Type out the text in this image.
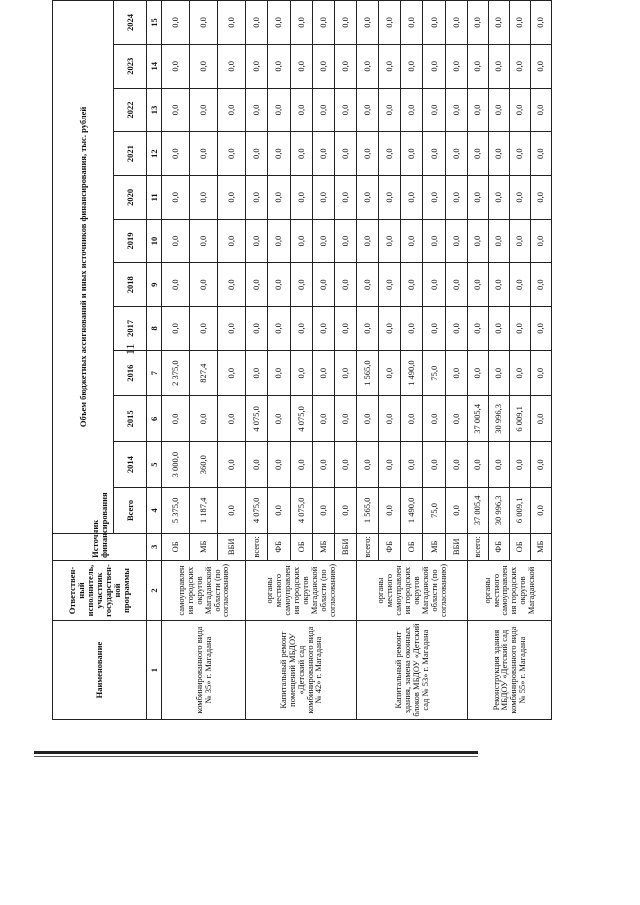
11
Наименование	Ответствен-ный исполнитель, участник государствен-ной программы	Источник финансирования	Объем бюджетных ассигнований и иных источников финансирования, тыс. рублей											
			Всего	2014	2015	2016	2017	2018	2019	2020	2021	2022	2023	2024
1	2	3	4	5	6	7	8	9	10	11	12	13	14	15
комбинированного вида № 35» г. Магадана	самоуправлен ия городских округов Магаданской области (по согласованию)	ОБ	5 375,0	3 000,0	0,0	2 375,0	0,0	0,0	0,0	0,0	0,0	0,0	0,0	0,0
		МБ	1 187,4	360,0	0,0	827,4	0,0	0,0	0,0	0,0	0,0	0,0	0,0	0,0
		ВБИ	0,0	0,0	0,0	0,0	0,0	0,0	0,0	0,0	0,0	0,0	0,0	0,0
Капитальный ремонт помещений МБДОУ «Детский сад комбинированного вида № 42» г. Магадана	органы местного самоуправлен ия городских округов Магаданской области (по согласованию)	всего:	4 075,0	0,0	4 075,0	0,0	0,0	0,0	0,0	0,0	0,0	0,0	0,0	0,0
		ФБ	0,0	0,0	0,0	0,0	0,0	0,0	0,0	0,0	0,0	0,0	0,0	0,0
		ОБ	4 075,0	0,0	4 075,0	0,0	0,0	0,0	0,0	0,0	0,0	0,0	0,0	0,0
		МБ	0,0	0,0	0,0	0,0	0,0	0,0	0,0	0,0	0,0	0,0	0,0	0,0
		ВБИ	0,0	0,0	0,0	0,0	0,0	0,0	0,0	0,0	0,0	0,0	0,0	0,0
Капитальный ремонт здания, замена оконных блоков МБДОУ «Детский сад № 53» г. Магадана	органы местного самоуправлен ия городских округов Магаданской области (по согласованию)	всего:	1 565,0	0,0	0,0	1 565,0	0,0	0,0	0,0	0,0	0,0	0,0	0,0	0,0
		ФБ	0,0	0,0	0,0	0,0	0,0	0,0	0,0	0,0	0,0	0,0	0,0	0,0
		ОБ	1 490,0	0,0	0,0	1 490,0	0,0	0,0	0,0	0,0	0,0	0,0	0,0	0,0
		МБ	75,0	0,0	0,0	75,0	0,0	0,0	0,0	0,0	0,0	0,0	0,0	0,0
		ВБИ	0,0	0,0	0,0	0,0	0,0	0,0	0,0	0,0	0,0	0,0	0,0	0,0
Реконструкция здания МБДОУ «Детский сад комбинированного вида № 55» г. Магадана	органы местного самоуправлен ия городских округов Магаданской	всего:	37 005,4	0,0	37 005,4	0,0	0,0	0,0	0,0	0,0	0,0	0,0	0,0	0,0
		ФБ	30 996,3	0,0	30 996,3	0,0	0,0	0,0	0,0	0,0	0,0	0,0	0,0	0,0
		ОБ	6 009,1	0,0	6 009,1	0,0	0,0	0,0	0,0	0,0	0,0	0,0	0,0	0,0
		МБ	0,0	0,0	0,0	0,0	0,0	0,0	0,0	0,0	0,0	0,0	0,0	0,0
